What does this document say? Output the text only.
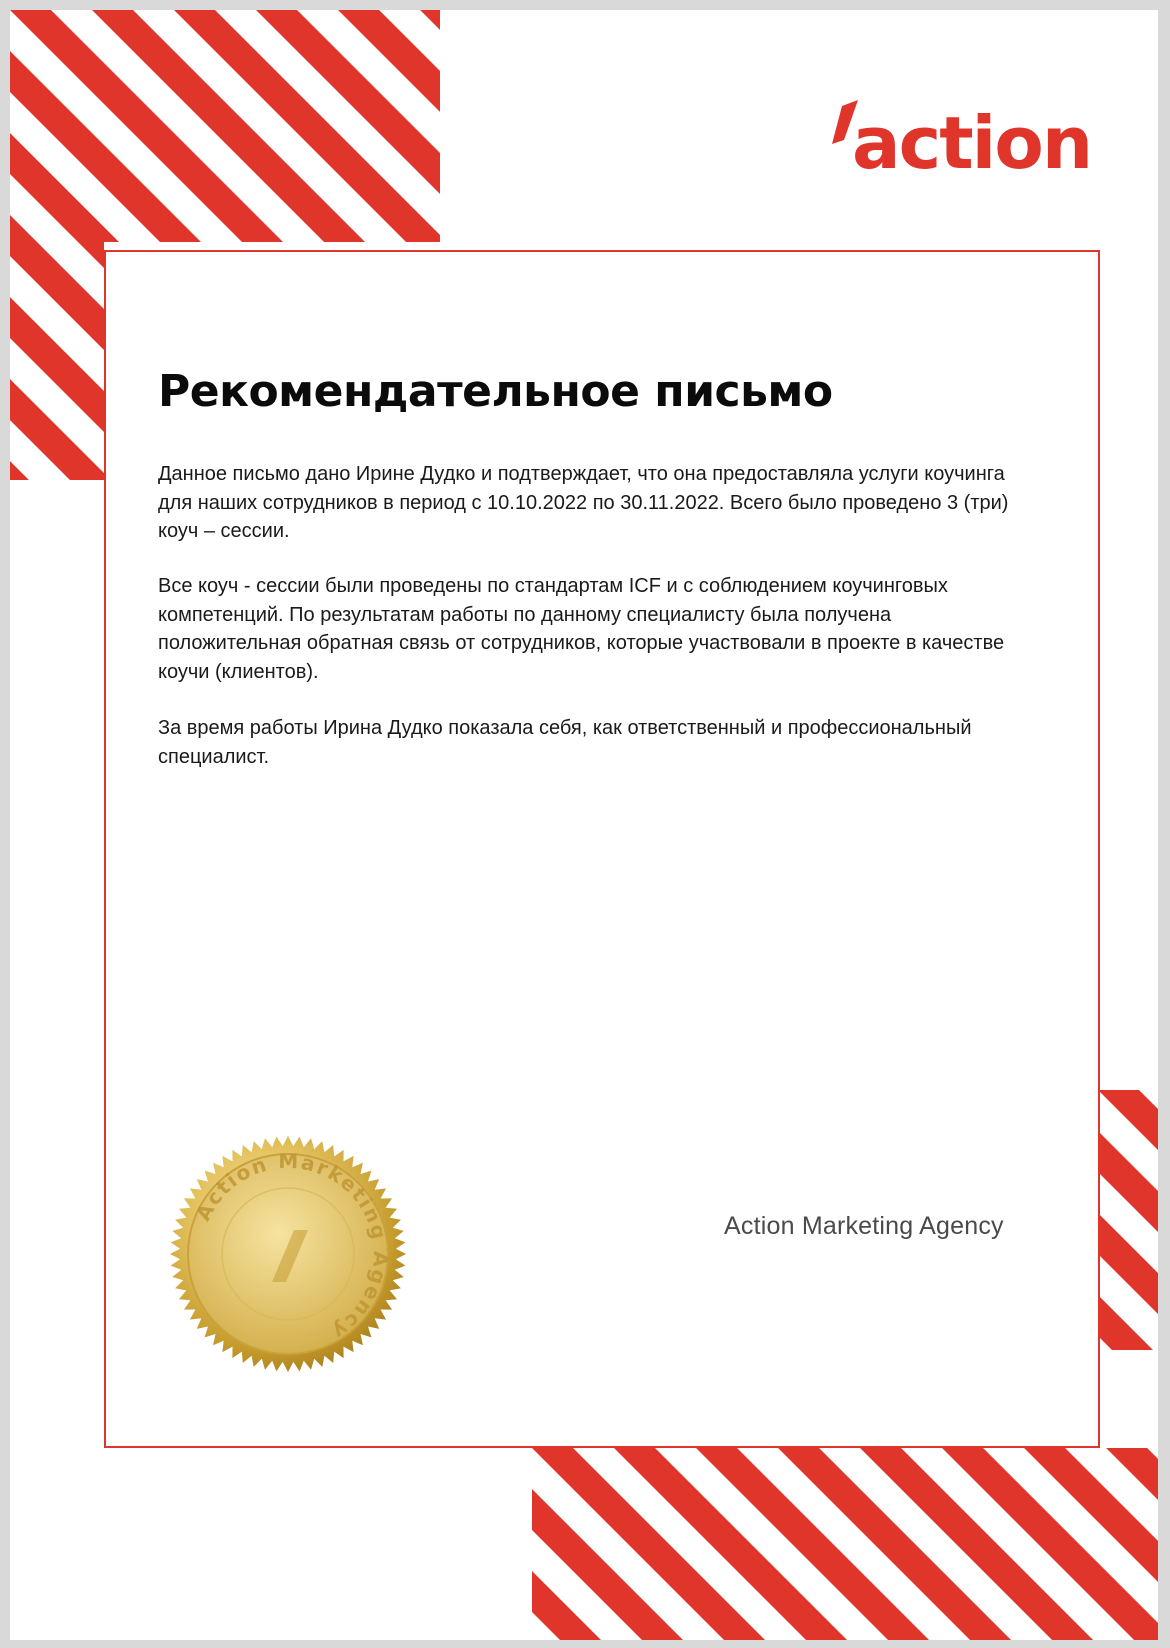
action
Рекомендательное письмо

Данное письмо дано Ирине Дудко и подтверждает, что она предоставляла услуги коучинга для наших сотрудников в период с 10.10.2022 по 30.11.2022. Всего было проведено 3 (три) коуч – сессии.

Все коуч - сессии были проведены по стандартам ICF и с соблюдением коучинговых компетенций. По результатам работы по данному специалисту была получена положительная обратная связь от сотрудников, которые участвовали в проекте в качестве коучи (клиентов).

За время работы Ирина Дудко показала себя, как ответственный и профессиональный специалист.

Action Marketing Agency
Action Marketing Agency
